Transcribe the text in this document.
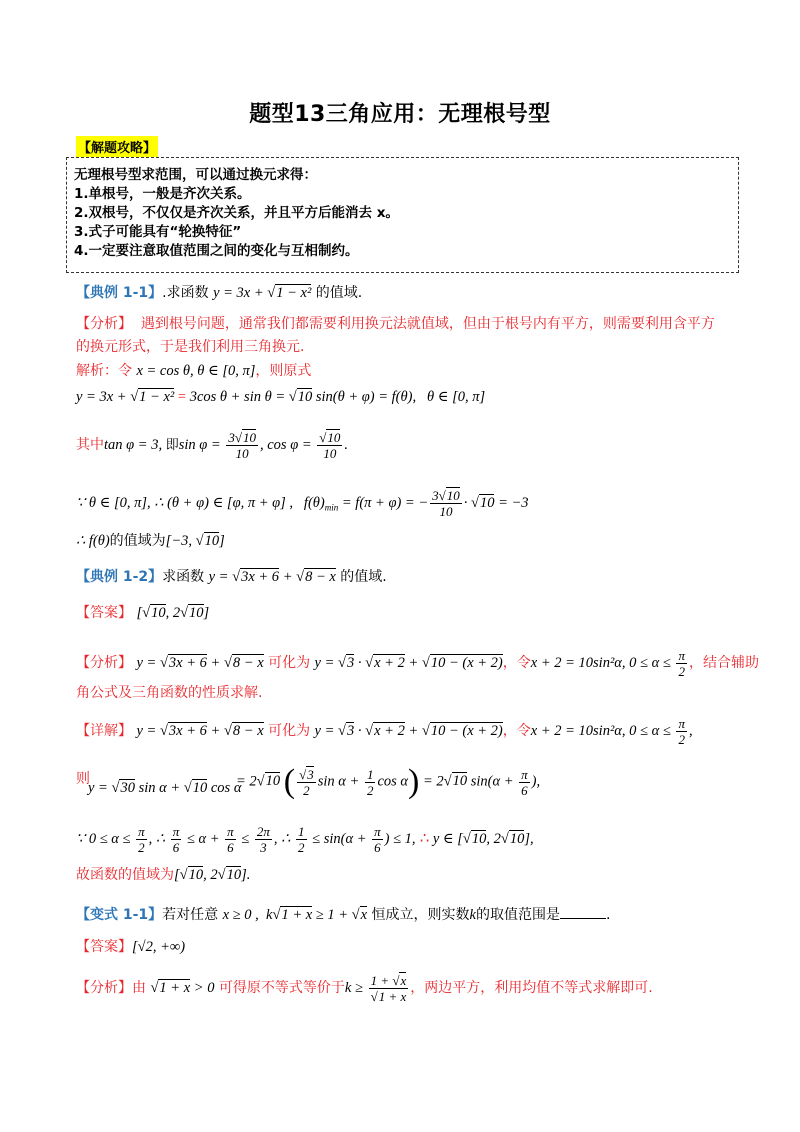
题型13三角应用：无理根号型
【解题攻略】
无理根号型求范围，可以通过换元求得：
1.单根号，一般是齐次关系。
2.双根号，不仅仅是齐次关系，并且平方后能消去 x。
3.式子可能具有“轮换特征”
4.一定要注意取值范围之间的变化与互相制约。
【典例 1-1】.求函数 y = 3x + √1 − x² 的值域.
【分析】 遇到根号问题，通常我们都需要利用换元法就值域，但由于根号内有平方，则需要利用含平方
的换元形式，于是我们利用三角换元.
解析：令 x = cos θ, θ ∈ [0, π]，则原式
y = 3x + √1 − x² = 3cos θ + sin θ = √10 sin(θ + φ) = f(θ),   θ ∈ [0, π]
其中tan φ = 3, 即$\sin \varphi = \frac{3√10}{10}$ , $\cos \varphi = \frac{√10}{10}$ .
∵ θ ∈ [0, π], ∴ (θ + φ) ∈ [φ, π + φ] ,   $f(\theta)_{min} = f(\pi + \varphi)$ = − $\frac{3√10}{10} \cdot √10 = -3$
∴ f(θ)的值域为[−3, √10]
【典例 1-2】求函数 y = √3x + 6 + √8 − x 的值域.
【答案】 [√10, 2√10]
【分析】 y = √3x + 6 + √8 − x 可化为 y = √3 · √x + 2 + √10 − (x + 2)，令x + 2 = 10sin²α, $0 \le \alpha \le \frac{\pi}{2}$ ，结合辅助
角公式及三角函数的性质求解.
【详解】 y = √3x + 6 + √8 − x 可化为 y = √3 · √x + 2 + √10 − (x + 2)，令x + 2 = 10sin²α, $0 \le \alpha \le \frac{\pi}{2}$ ,
则
y = √30 sin α + √10 cos α
= 2√10 ( $\frac{√3}{2}$ $\sin \alpha + \frac{1}{2}$ cos α) = 2√10 $\sin(\alpha + \frac{\pi}{6}$ ),
∵ $0 \le \alpha \le \frac{\pi}{2}$ , ∴ $\frac{\pi}{6} \le \alpha + \frac{\pi}{6} \le \frac{2\pi}{3}$ , ∴ $\frac{1}{2} \le \sin(\alpha + \frac{\pi}{6}$ ) ≤ 1, ∴ y ∈ [√10, 2√10],
故函数的值域为[√10, 2√10].
【变式 1-1】若对任意 x ≥ 0 ,  k√1 + x ≥ 1 + √x 恒成立，则实数k的取值范围是	.
【答案】[√2, +∞)
【分析】由 √1 + x > 0 可得原不等式等价于$k \ge \frac{1 + √x}{√1 + x}$ ，两边平方，利用均值不等式求解即可.
